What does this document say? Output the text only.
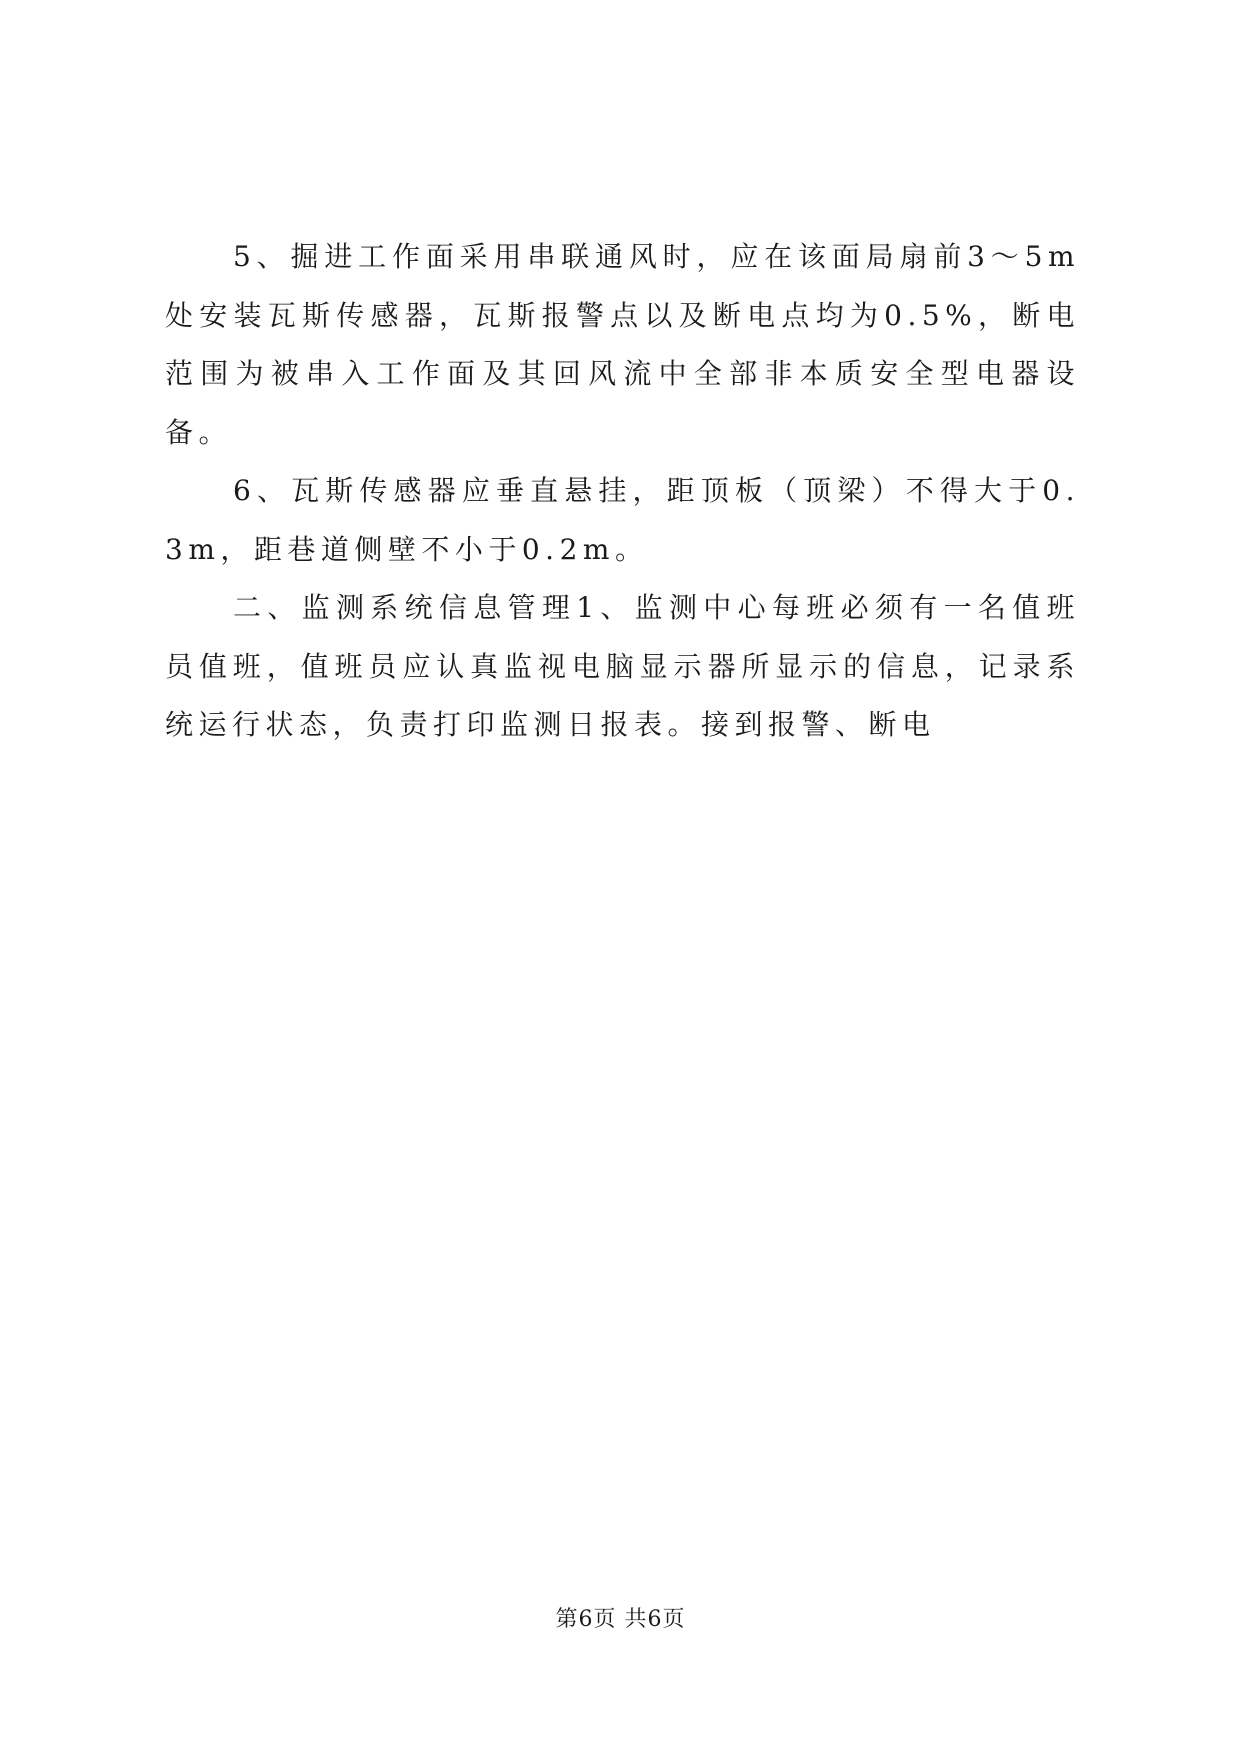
5、掘进工作面采用串联通风时，应在该面局扇前3～5m处安装瓦斯传感器，瓦斯报警点以及断电点均为0.5%，断电范围为被串入工作面及其回风流中全部非本质安全型电器设备。

6、瓦斯传感器应垂直悬挂，距顶板（顶梁）不得大于0.3m，距巷道侧壁不小于0.2m。

二、监测系统信息管理1、监测中心每班必须有一名值班员值班，值班员应认真监视电脑显示器所显示的信息，记录系统运行状态，负责打印监测日报表。接到报警、断电

第6页 共6页
